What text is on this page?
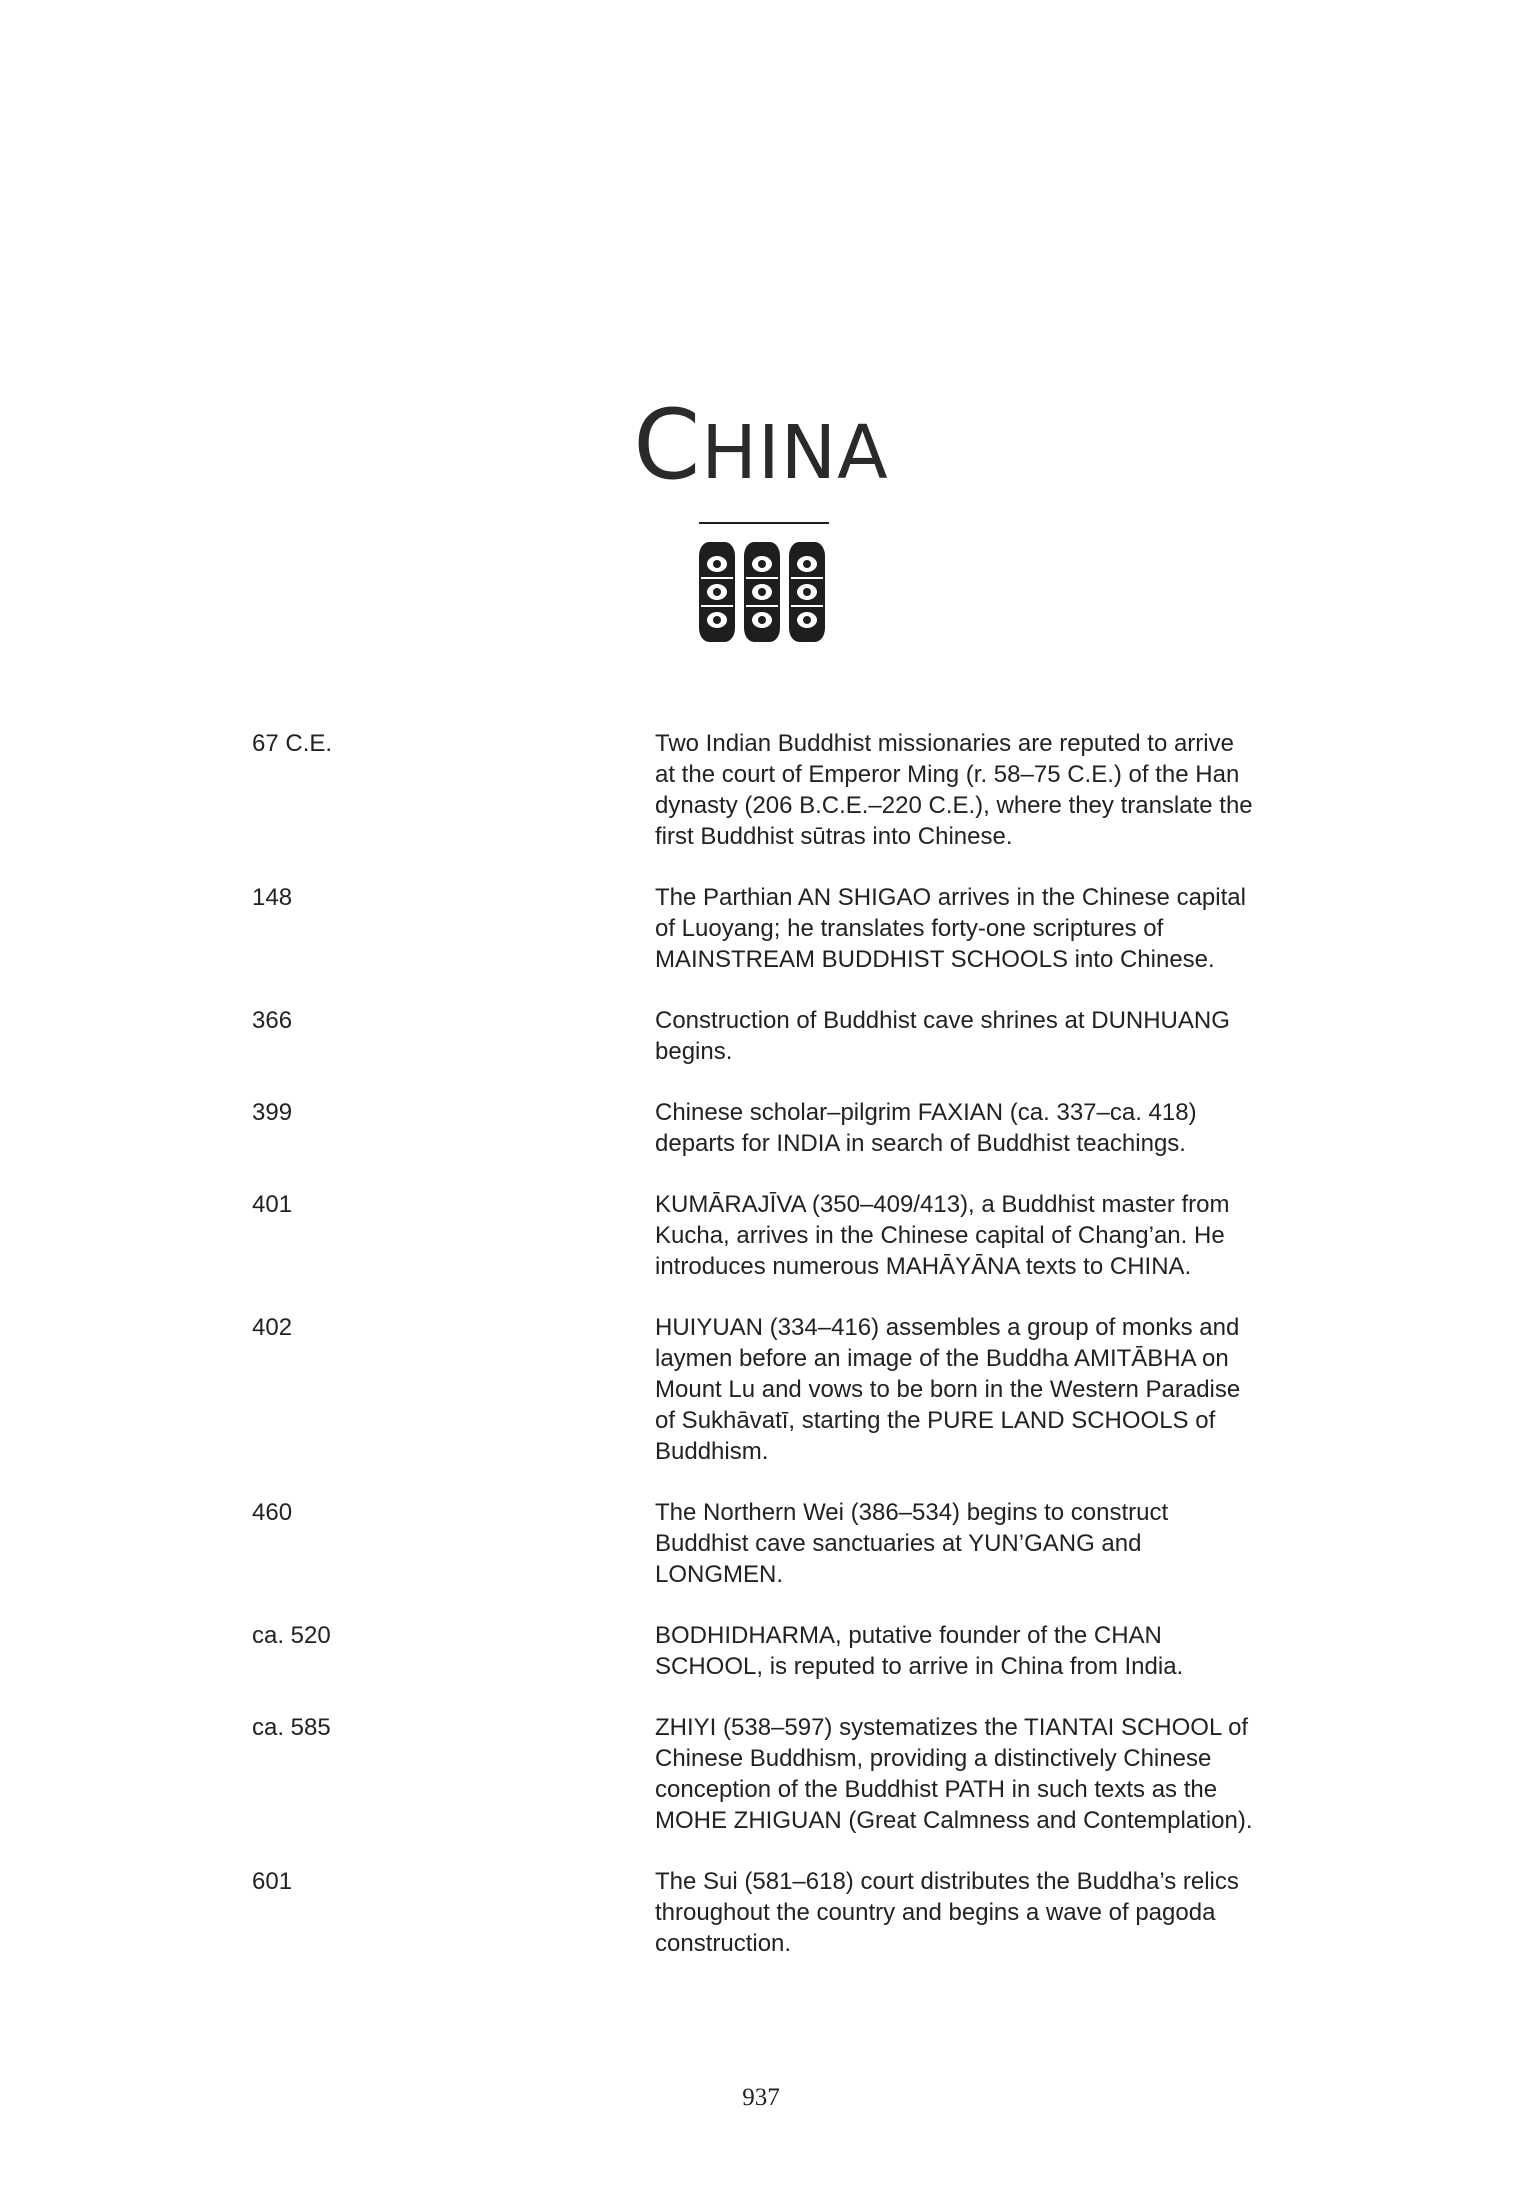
CHINA
67 C.E.	Two Indian Buddhist missionaries are reputed to arrive at the court of Emperor Ming (r. 58–75 C.E.) of the Han dynasty (206 B.C.E.–220 C.E.), where they translate the first Buddhist sūtras into Chinese.
148	The Parthian AN SHIGAO arrives in the Chinese capital of Luoyang; he translates forty-one scriptures of MAINSTREAM BUDDHIST SCHOOLS into Chinese.
366	Construction of Buddhist cave shrines at DUNHUANG begins.
399	Chinese scholar–pilgrim FAXIAN (ca. 337–ca. 418) departs for INDIA in search of Buddhist teachings.
401	KUMĀRAJĪVA (350–409/413), a Buddhist master from Kucha, arrives in the Chinese capital of Chang’an. He introduces numerous MAHĀYĀNA texts to CHINA.
402	HUIYUAN (334–416) assembles a group of monks and laymen before an image of the Buddha AMITĀBHA on Mount Lu and vows to be born in the Western Paradise of Sukhāvatī, starting the PURE LAND SCHOOLS of Buddhism.
460	The Northern Wei (386–534) begins to construct Buddhist cave sanctuaries at YUN’GANG and LONGMEN.
ca. 520	BODHIDHARMA, putative founder of the CHAN SCHOOL, is reputed to arrive in China from India.
ca. 585	ZHIYI (538–597) systematizes the TIANTAI SCHOOL of Chinese Buddhism, providing a distinctively Chinese conception of the Buddhist PATH in such texts as the MOHE ZHIGUAN (Great Calmness and Contemplation).
601	The Sui (581–618) court distributes the Buddha’s relics throughout the country and begins a wave of pagoda construction.
937
